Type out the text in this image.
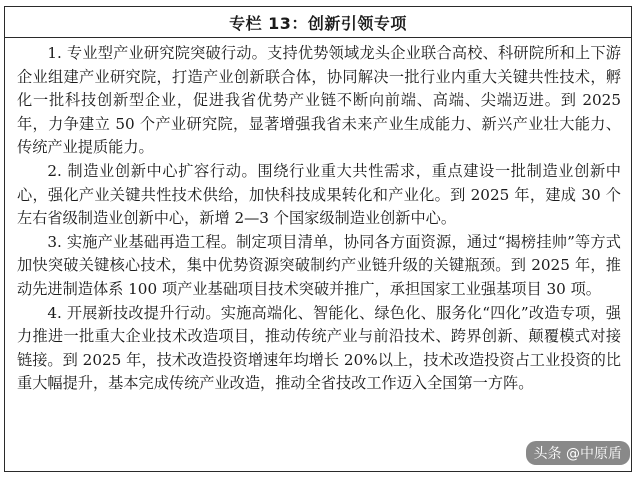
专栏 13：创新引领专项

1. 专业型产业研究院突破行动。支持优势领域龙头企业联合高校、科研院所和上下游企业组建产业研究院，打造产业创新联合体，协同解决一批行业内重大关键共性技术，孵化一批科技创新型企业，促进我省优势产业链不断向前端、高端、尖端迈进。到 2025 年，力争建立 50 个产业研究院，显著增强我省未来产业生成能力、新兴产业壮大能力、传统产业提质能力。

2. 制造业创新中心扩容行动。围绕行业重大共性需求，重点建设一批制造业创新中心，强化产业关键共性技术供给，加快科技成果转化和产业化。到 2025 年，建成 30 个左右省级制造业创新中心，新增 2—3 个国家级制造业创新中心。

3. 实施产业基础再造工程。制定项目清单，协同各方面资源，通过“揭榜挂帅”等方式加快突破关键核心技术，集中优势资源突破制约产业链升级的关键瓶颈。到 2025 年，推动先进制造体系 100 项产业基础项目技术突破并推广，承担国家工业强基项目 30 项。

4. 开展新技改提升行动。实施高端化、智能化、绿色化、服务化“四化”改造专项，强力推进一批重大企业技术改造项目，推动传统产业与前沿技术、跨界创新、颠覆模式对接链接。到 2025 年，技术改造投资增速年均增长 20%以上，技术改造投资占工业投资的比重大幅提升，基本完成传统产业改造，推动全省技改工作迈入全国第一方阵。

头条 @中原盾
